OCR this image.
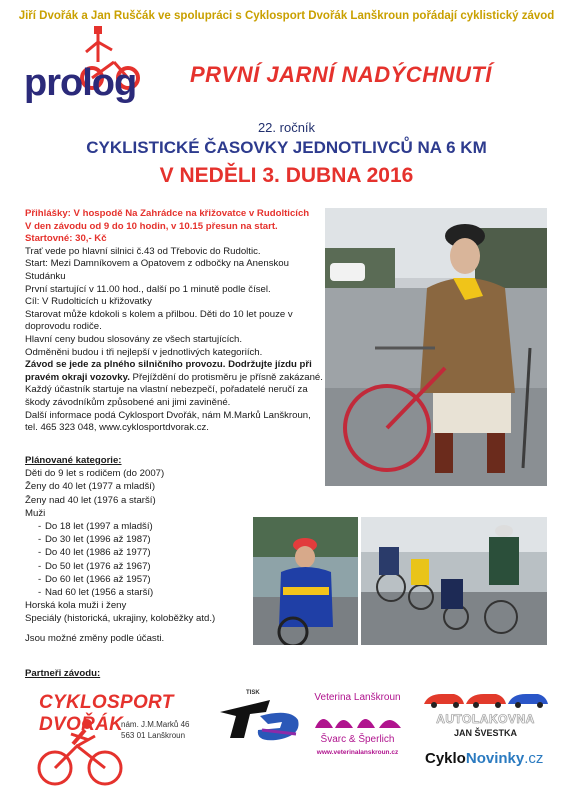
Jiří Dvořák a Jan Ruščák ve spolupráci s Cyklosport Dvořák Lanškroun pořádají cyklistický závod
prolog PRVNÍ JARNÍ NADÝCHNUTÍ
22. ročník
CYKLISTICKÉ ČASOVKY JEDNOTLIVCŮ NA 6 KM
V NEDĚLI 3. DUBNA 2016

Přihlášky: V hospodě Na Zahrádce na křižovatce v Rudolticích

V den závodu od 9 do 10 hodin, v 10.15 přesun na start.

Startovné: 30,- Kč

Trať vede po hlavní silnici č.43 od Třebovic do Rudoltic.

Start: Mezi Damníkovem a Opatovem z odbočky na Anenskou Studánku

První startující v 11.00 hod., další po 1 minutě podle čísel.

Cíl: V Rudolticích u křižovatky

Starovat může kdokoli s kolem a přilbou. Děti do 10 let pouze v doprovodu rodiče.

Hlavní ceny budou slosovány ze všech startujících.

Odměněni budou i tři nejlepší v jednotlivých kategoriích.

Závod se jede za plného silničního provozu. Dodržujte jízdu při pravém okraji vozovky. Přejíždění do protisměru je přísně zakázané. Každý účastník startuje na vlastní nebezpečí, pořadatelé neručí za škody závodníkům způsobené ani jimi zaviněné.

Další informace podá Cyklosport Dvořák, nám M.Marků Lanškroun, tel. 465 323 048, www.cyklosportdvorak.cz.

Plánované kategorie:
Děti do 9 let s rodičem (do 2007)
Ženy do 40 let (1977 a mladší)
Ženy nad 40 let (1976 a starší)
Muži
- Do 18 let (1997 a mladší)
- Do 30 let (1996 až 1987)
- Do 40 let (1986 až 1977)
- Do 50 let (1976 až 1967)
- Do 60 let (1966 až 1957)
- Nad 60 let (1956 a starší)
Horská kola muži i ženy
Speciály (historická, ukrajiny, koloběžky atd.)
Jsou možné změny podle účasti.
Partneři závodu:
CYKLOSPORT DVOŘÁK
nám. J.M.Marků 46
563 01 Lanškroun
TISK	Veterina Lanškroun
Švarc & Šperlich
www.veterinalanskroun.cz
AUTOLAKOVNA
JAN ŠVESTKA
CykloNovinky.cz
